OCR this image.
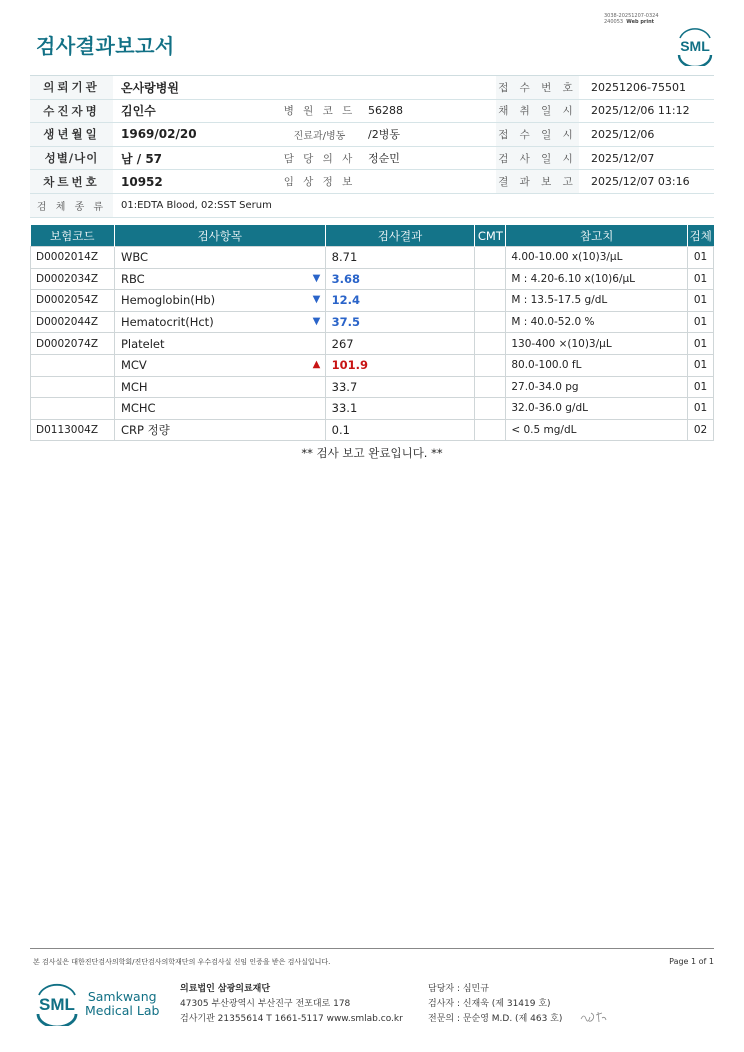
3038-20251207-0324
240053 Web print
검사결과보고서	SML
의뢰기관	온사랑병원			접 수 번 호	20251206-75501
수진자명	김인수	병 원 코 드	56288	채 취 일 시	2025/12/06 11:12
생년월일	1969/02/20	진료과/병동	/2병동	접 수 일 시	2025/12/06
성별/나이	남 / 57	담 당 의 사	정순민	검 사 일 시	2025/12/07
차트번호	10952	임 상 정 보		결 과 보 고	2025/12/07 03:16
검 체 종 류	01:EDTA Blood, 02:SST Serum				
보험코드	검사항목	검사결과	CMT	참고치	검체
D0002014Z	WBC	8.71		4.00-10.00 x(10)3/μL	01
D0002034Z	RBC	▼ 3.68		M : 4.20-6.10 x(10)6/μL	01
D0002054Z	Hemoglobin(Hb)	▼ 12.4		M : 13.5-17.5 g/dL	01
D0002044Z	Hematocrit(Hct)	▼ 37.5		M : 40.0-52.0 %	01
D0002074Z	Platelet	267		130-400 ×(10)3/μL	01
	MCV	▲ 101.9		80.0-100.0 fL	01
	MCH	33.7		27.0-34.0 pg	01
	MCHC	33.1		32.0-36.0 g/dL	01
D0113004Z	CRP 정량	0.1		< 0.5 mg/dL	02
** 검사 보고 완료입니다. **
본 검사실은 대한진단검사의학회/진단검사의학재단의 우수검사실 신임 인증을 받은 검사실입니다.	Page 1 of 1
SML Samkwang
Medical Lab
의료법인 삼광의료재단
47305 부산광역시 부산진구 전포대로 178
검사기관 21355614 T 1661-5117 www.smlab.co.kr
담당자 : 심민규
검사자 : 신재욱 (제 31419 호)
전문의 : 문순영 M.D. (제 463 호)
